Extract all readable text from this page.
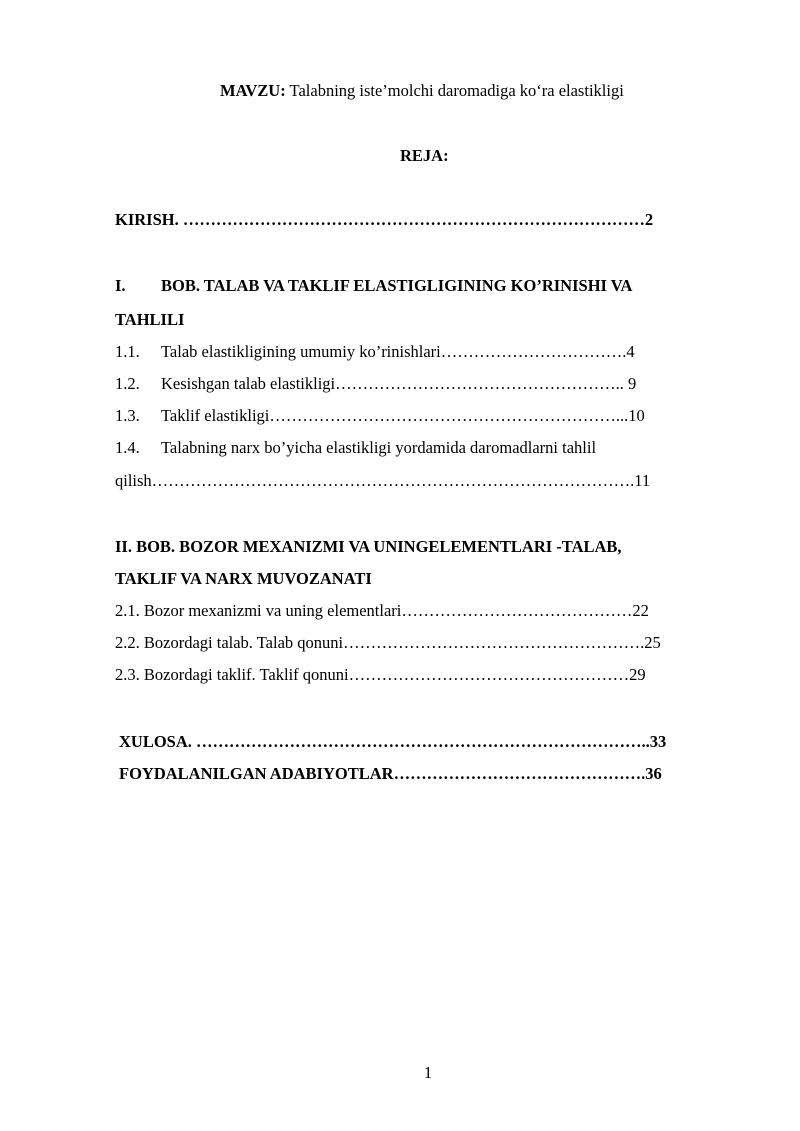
MAVZU: Talabning iste’molchi daromadiga ko‘ra elastikligi
REJA:
KIRISH. …………………………………………………………………………2
I. BOB. TALAB VA TAKLIF ELASTIGLIGINING KO’RINISHI VA
TAHLILI
1.1. Talab elastikligining umumiy ko’rinishlari…………………………….4
1.2. Kesishgan talab elastikligi…………………………………………….. 9
1.3. Taklif elastikligi………………………………………………………...10
1.4. Talabning narx bo’yicha elastikligi yordamida daromadlarni tahlil
qilish…………………………………………………………………………….11
II. BOB. BOZOR MEXANIZMI VA UNINGELEMENTLARI -TALAB,
TAKLIF VA NARX MUVOZANATI
2.1. Bozor mexanizmi va uning elementlari……………………………………22
2.2. Bozordagi talab. Talab qonuni……………………………………………….25
2.3. Bozordagi taklif. Taklif qonuni……………………………………………29
XULOSA. ………………………………………………………………………..33
FOYDALANILGAN ADABIYOTLAR……………………………………….36
1
